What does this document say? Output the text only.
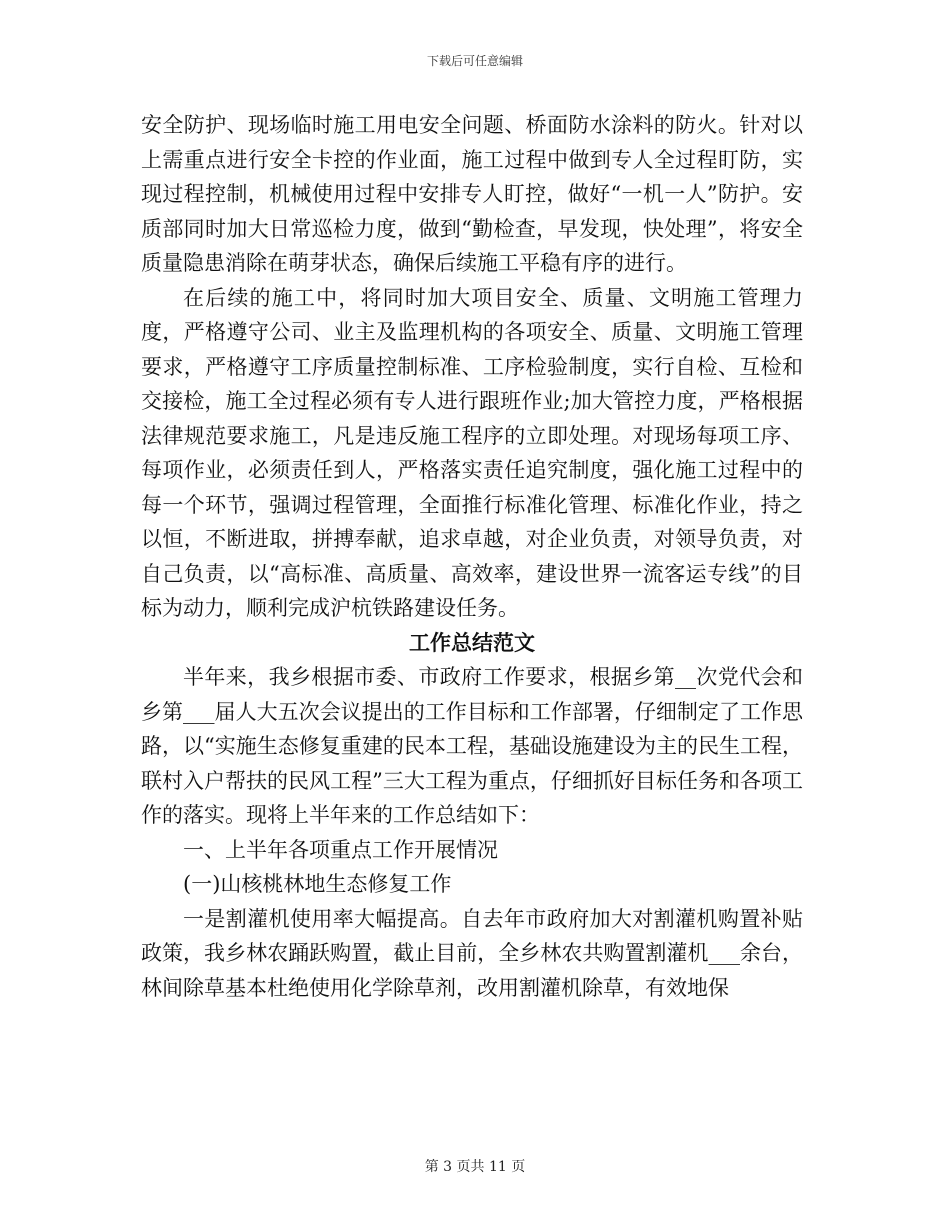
下载后可任意编辑

安全防护、现场临时施工用电安全问题、桥面防水涂料的防火。针对以上需重点进行安全卡控的作业面，施工过程中做到专人全过程盯防，实现过程控制，机械使用过程中安排专人盯控，做好“一机一人”防护。安质部同时加大日常巡检力度，做到“勤检查，早发现，快处理”，将安全质量隐患消除在萌芽状态，确保后续施工平稳有序的进行。

在后续的施工中，将同时加大项目安全、质量、文明施工管理力度，严格遵守公司、业主及监理机构的各项安全、质量、文明施工管理要求，严格遵守工序质量控制标准、工序检验制度，实行自检、互检和交接检，施工全过程必须有专人进行跟班作业;加大管控力度，严格根据法律规范要求施工，凡是违反施工程序的立即处理。对现场每项工序、每项作业，必须责任到人，严格落实责任追究制度，强化施工过程中的每一个环节，强调过程管理，全面推行标准化管理、标准化作业，持之以恒，不断进取，拼搏奉献，追求卓越，对企业负责，对领导负责，对自己负责，以“高标准、高质量、高效率，建设世界一流客运专线”的目标为动力，顺利完成沪杭铁路建设任务。

工作总结范文

半年来，我乡根据市委、市政府工作要求，根据乡第__次党代会和乡第___届人大五次会议提出的工作目标和工作部署，仔细制定了工作思路，以“实施生态修复重建的民本工程，基础设施建设为主的民生工程，联村入户帮扶的民风工程”三大工程为重点，仔细抓好目标任务和各项工作的落实。现将上半年来的工作总结如下：

一、上半年各项重点工作开展情况

(一)山核桃林地生态修复工作

一是割灌机使用率大幅提高。自去年市政府加大对割灌机购置补贴政策，我乡林农踊跃购置，截止目前，全乡林农共购置割灌机___余台，林间除草基本杜绝使用化学除草剂，改用割灌机除草，有效地保

第 3 页共 11 页
